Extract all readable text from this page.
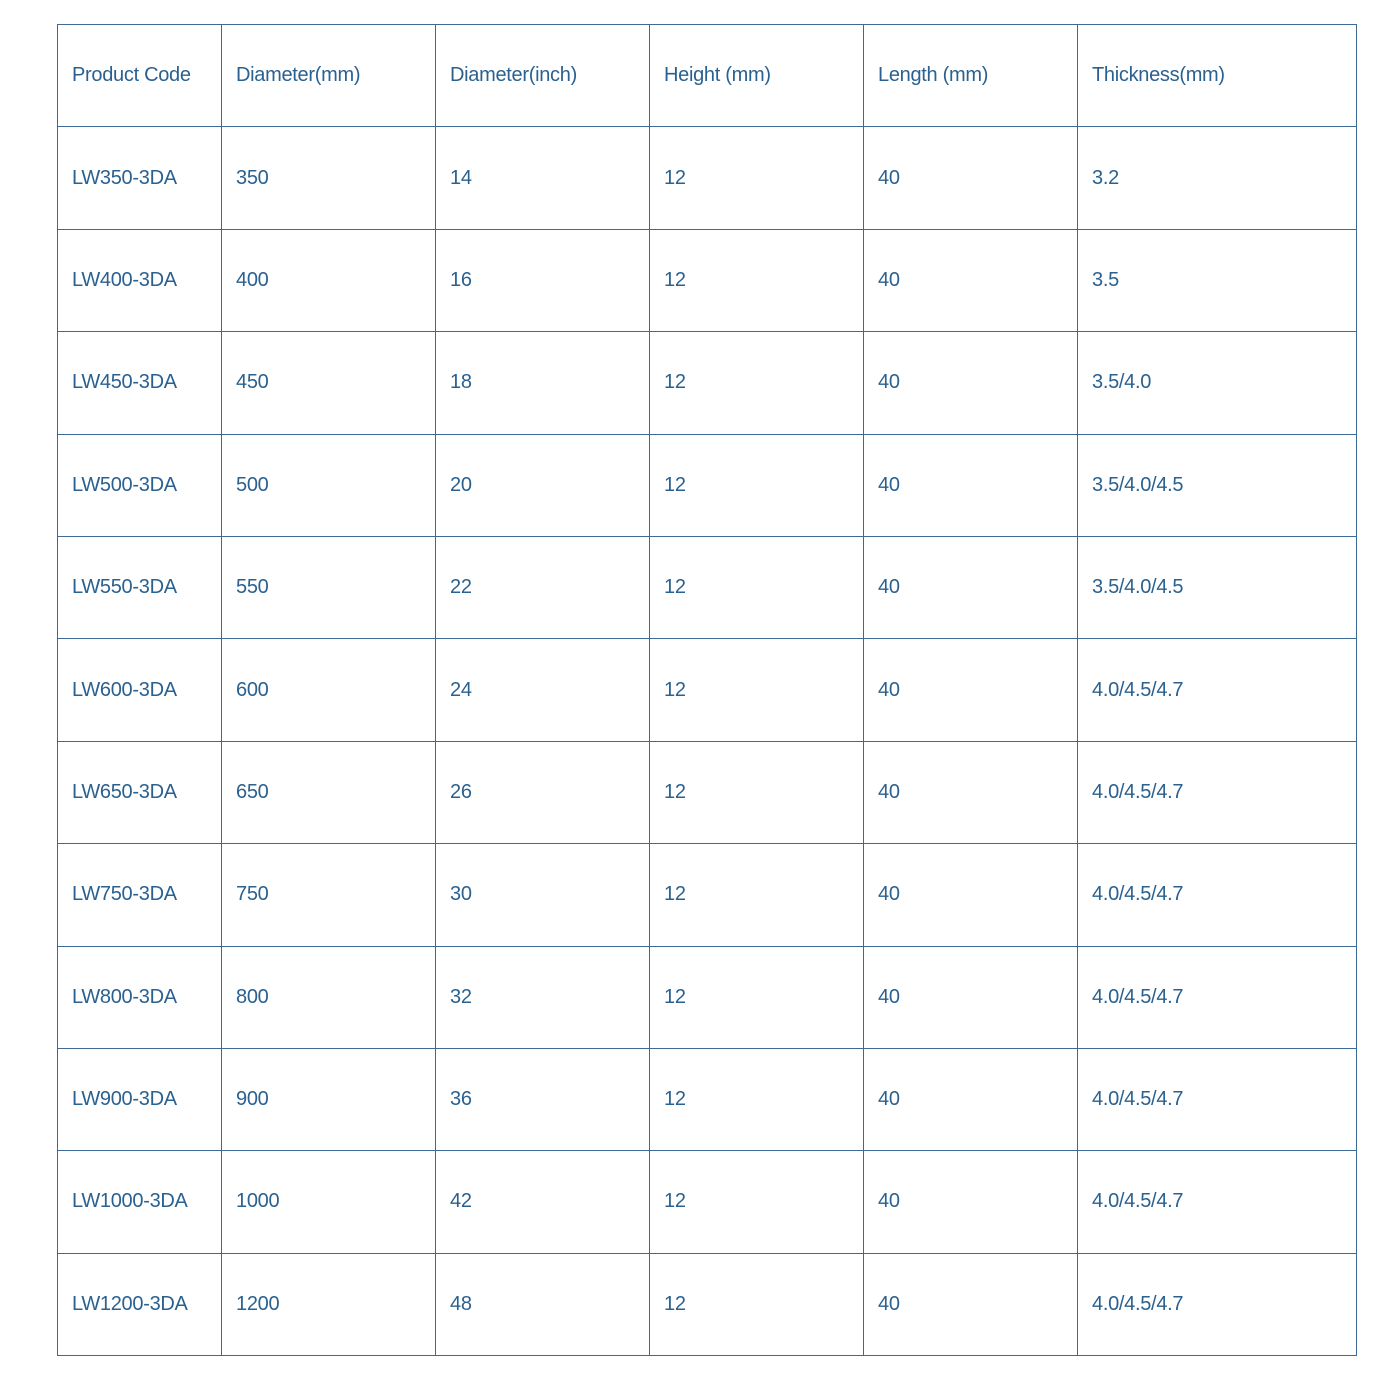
Product Code	Diameter(mm)	Diameter(inch)	Height (mm)	Length (mm)	Thickness(mm)
LW350-3DA	350	14	12	40	3.2
LW400-3DA	400	16	12	40	3.5
LW450-3DA	450	18	12	40	3.5/4.0
LW500-3DA	500	20	12	40	3.5/4.0/4.5
LW550-3DA	550	22	12	40	3.5/4.0/4.5
LW600-3DA	600	24	12	40	4.0/4.5/4.7
LW650-3DA	650	26	12	40	4.0/4.5/4.7
LW750-3DA	750	30	12	40	4.0/4.5/4.7
LW800-3DA	800	32	12	40	4.0/4.5/4.7
LW900-3DA	900	36	12	40	4.0/4.5/4.7
LW1000-3DA	1000	42	12	40	4.0/4.5/4.7
LW1200-3DA	1200	48	12	40	4.0/4.5/4.7
